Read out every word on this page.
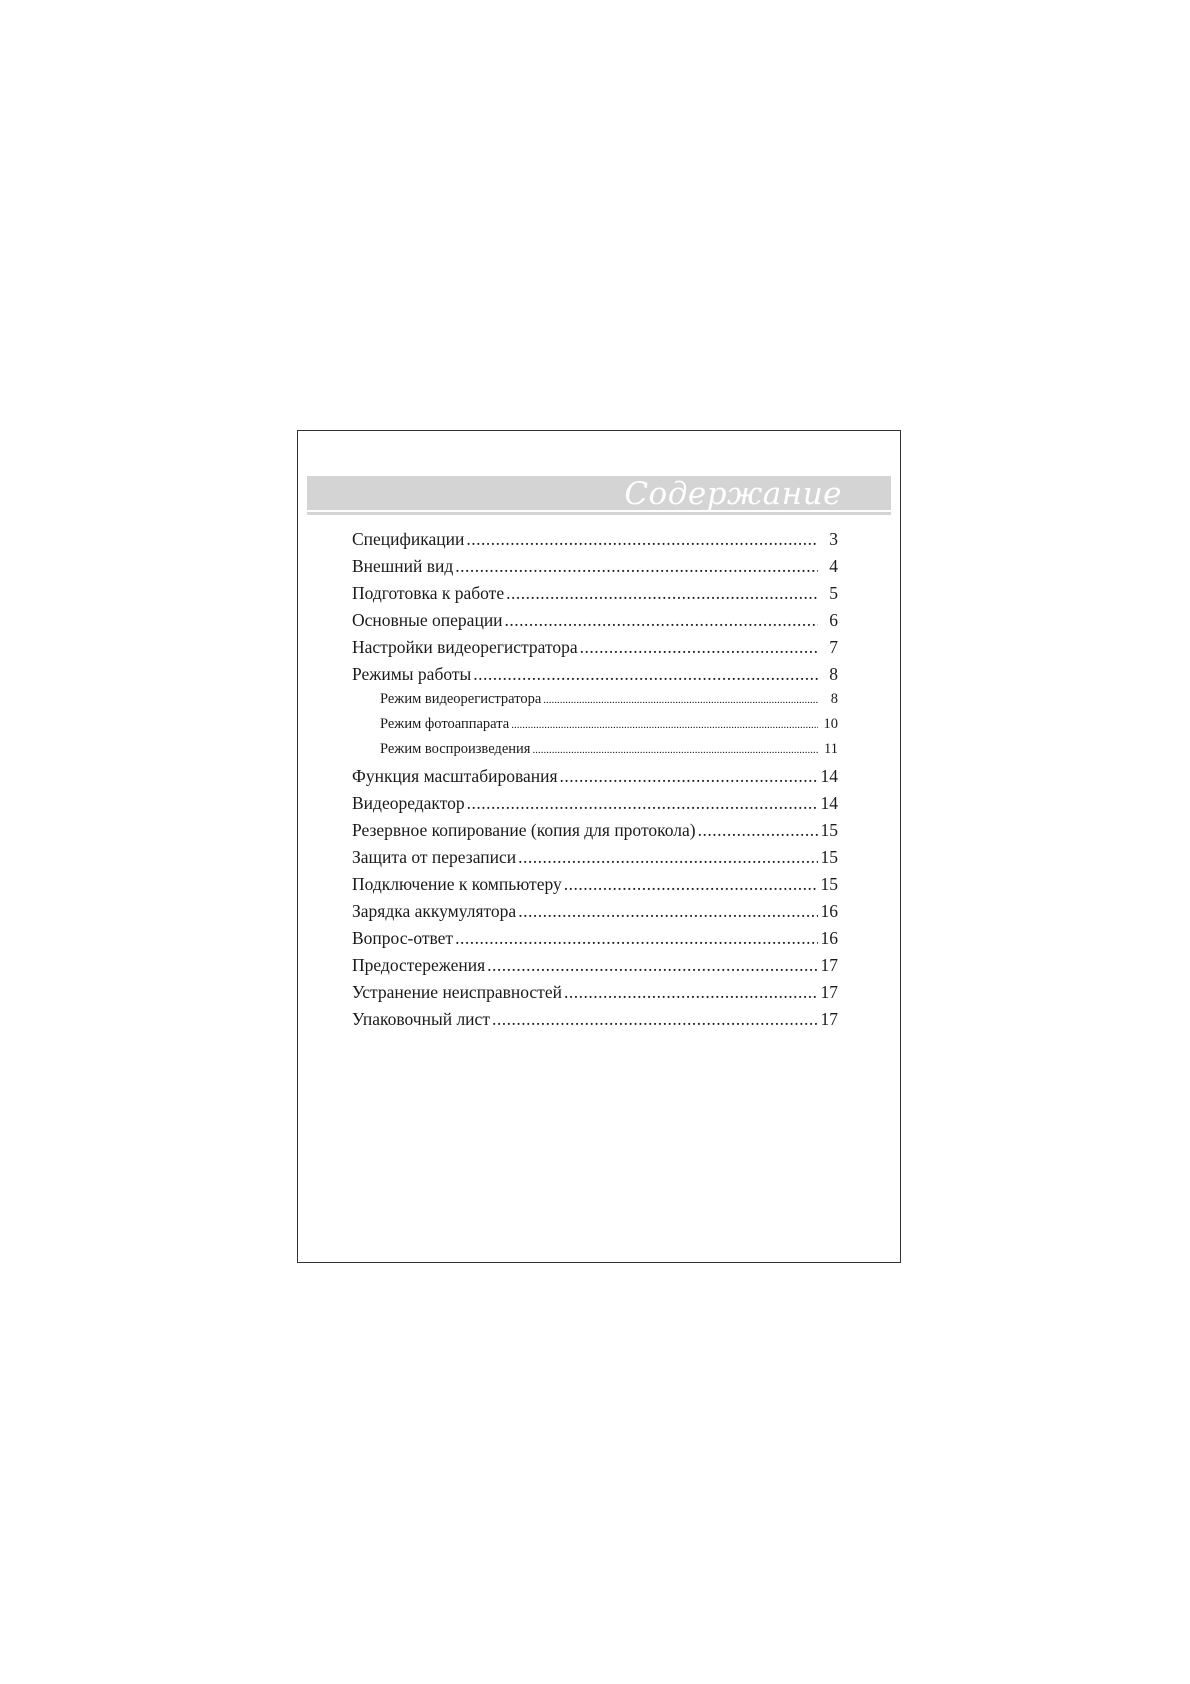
Содержание
Спецификации .....	3
Внешний вид .....	4
Подготовка к работе .....	5
Основные операции .....	6
Настройки видеорегистратора .....	7
Режимы работы .....	8
Режим видеорегистратора .....	8
Режим фотоаппарата .....	10
Режим воспроизведения .....	11
Функция масштабирования .....	14
Видеоредактор .....	14
Резервное копирование (копия для протокола) .....	15
Защита от перезаписи .....	15
Подключение к компьютеру .....	15
Зарядка аккумулятора .....	16
Вопрос-ответ .....	16
Предостережения .....	17
Устранение неисправностей .....	17
Упаковочный лист .....	17
